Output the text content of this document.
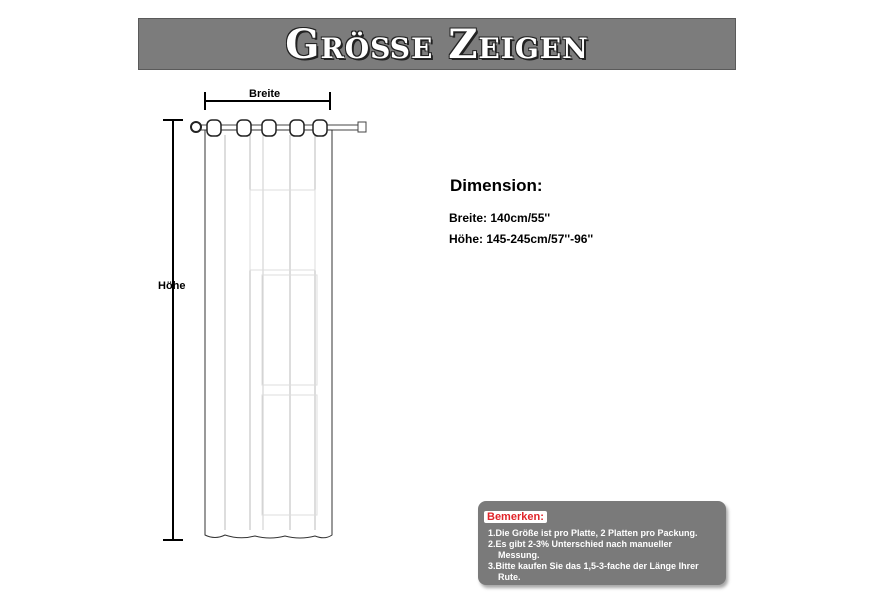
Größe Zeigen
Breite
Höhe
Dimension:
Breite: 140cm/55''
Höhe: 145-245cm/57''-96''
Bemerken:
1.Die Größe ist pro Platte, 2 Platten pro Packung.
2.Es gibt 2-3% Unterschied nach manueller Messung.
3.Bitte kaufen Sie das 1,5-3-fache der Länge Ihrer Rute.
